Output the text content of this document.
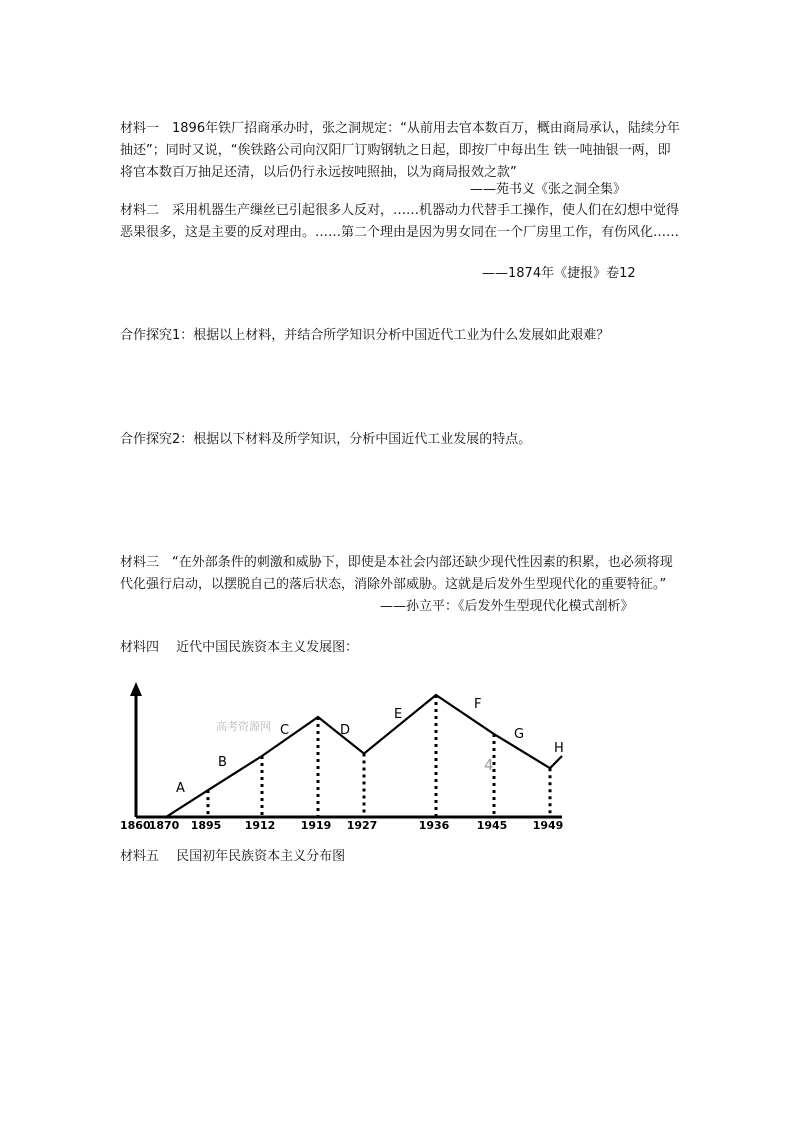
材料一　1896年铁厂招商承办时，张之洞规定：“从前用去官本数百万，概由商局承认，陆续分年抽还”；同时又说，“俟铁路公司向汉阳厂订购钢轨之日起，即按厂中每出生 铁一吨抽银一两，即将官本数百万抽足还清，以后仍行永远按吨照抽，以为商局报效之款”

——苑书义《张之洞全集》

材料二　采用机器生产缫丝已引起很多人反对，……机器动力代替手工操作，使人们在幻想中觉得恶果很多，这是主要的反对理由。……第二个理由是因为男女同在一个厂房里工作，有伤风化……

——1874年《捷报》卷12

合作探究1：根据以上材料，并结合所学知识分析中国近代工业为什么发展如此艰难？

合作探究2：根据以下材料及所学知识，分析中国近代工业发展的特点。

材料三　“在外部条件的刺激和威胁下，即使是本社会内部还缺少现代性因素的积累，也必须将现代化强行启动，以摆脱自己的落后状态，消除外部威胁。这就是后发外生型现代化的重要特征。”

——孙立平：《后发外生型现代化模式剖析》

材料四　 近代中国民族资本主义发展图：

高考资源网
4
1860
1870 1895 1912 1919 1927	1936 1945 1949
A
B
C	D
E
F
G
H

材料五　 民国初年民族资本主义分布图
